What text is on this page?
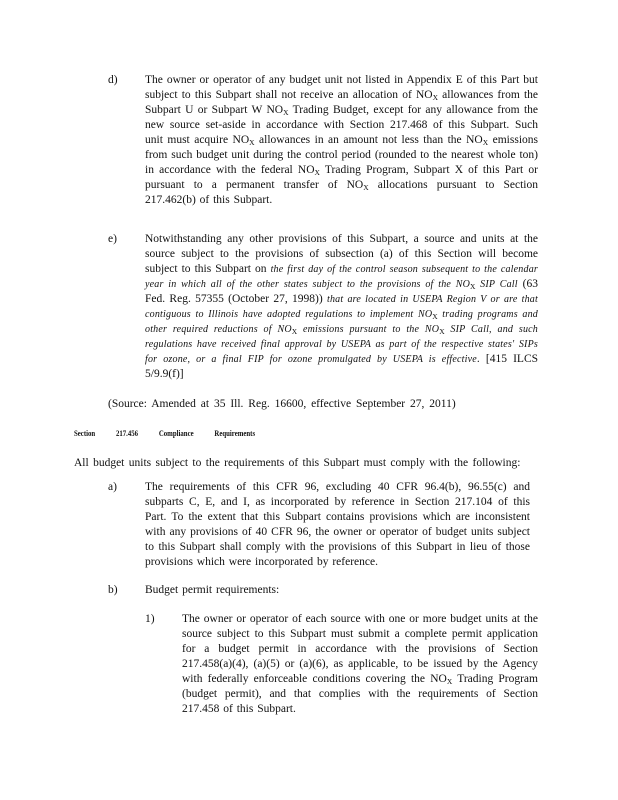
d) The owner or operator of any budget unit not listed in Appendix E of this Part but subject to this Subpart shall not receive an allocation of $NO_X$ allowances from the Subpart U or Subpart W $NO_X$ Trading Budget, except for any allowance from the new source set-aside in accordance with Section 217.468 of this Subpart. Such unit must acquire $NO_X$ allowances in an amount not less than the $NO_X$ emissions from such budget unit during the control period (rounded to the nearest whole ton) in accordance with the federal $NO_X$ Trading Program, Subpart X of this Part or pursuant to a permanent transfer of $NO_X$ allocations pursuant to Section 217.462(b) of this Subpart.
e) Notwithstanding any other provisions of this Subpart, a source and units at the source subject to the provisions of subsection (a) of this Section will become subject to this Subpart on the first day of the control season subsequent to the calendar year in which all of the other states subject to the provisions of the $NO_X$ SIP Call (63 Fed. Reg. 57355 (October 27, 1998)) that are located in USEPA Region V or are that contiguous to Illinois have adopted regulations to implement $NO_X$ trading programs and other required reductions of $NO_X$ emissions pursuant to the $NO_X$ SIP Call, and such regulations have received final approval by USEPA as part of the respective states' SIPs for ozone, or a final FIP for ozone promulgated by USEPA is effective. [415 ILCS 5/9.9(f)]
(Source: Amended at 35 Ill. Reg. 16600, effective September 27, 2011)
Section 217.456 Compliance Requirements
All budget units subject to the requirements of this Subpart must comply with the following:
a) The requirements of this CFR 96, excluding 40 CFR 96.4(b), 96.55(c) and subparts C, E, and I, as incorporated by reference in Section 217.104 of this Part. To the extent that this Subpart contains provisions which are inconsistent with any provisions of 40 CFR 96, the owner or operator of budget units subject to this Subpart shall comply with the provisions of this Subpart in lieu of those provisions which were incorporated by reference.
b) Budget permit requirements:
1) The owner or operator of each source with one or more budget units at the source subject to this Subpart must submit a complete permit application for a budget permit in accordance with the provisions of Section 217.458(a)(4), (a)(5) or (a)(6), as applicable, to be issued by the Agency with federally enforceable conditions covering the $NO_X$ Trading Program (budget permit), and that complies with the requirements of Section 217.458 of this Subpart.
